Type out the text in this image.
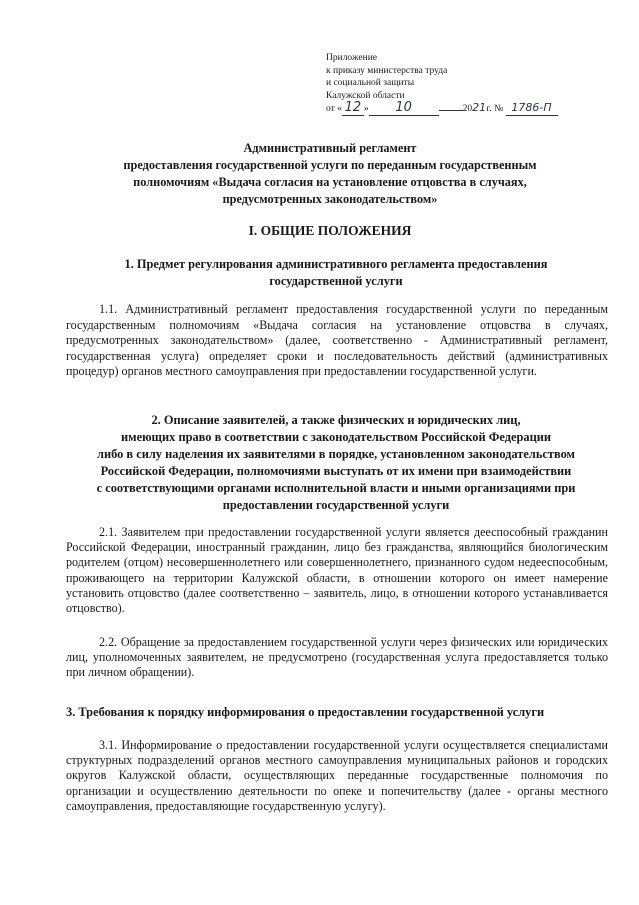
Приложение
к приказу министерства труда
и социальной защиты
Калужской области
от « 12 » 10	2021 г. № 1786-П
Административный регламент
предоставления государственной услуги по переданным государственным
полномочиям «Выдача согласия на установление отцовства в случаях,
предусмотренных законодательством»
I. ОБЩИЕ ПОЛОЖЕНИЯ
1. Предмет регулирования административного регламента предоставления
государственной услуги
1.1. Административный регламент предоставления государственной услуги по переданным государственным полномочиям «Выдача согласия на установление отцовства в случаях, предусмотренных законодательством» (далее, соответственно - Административный регламент, государственная услуга) определяет сроки и последовательность действий (административных процедур) органов местного самоуправления при предоставлении государственной услуги.
2. Описание заявителей, а также физических и юридических лиц,
имеющих право в соответствии с законодательством Российской Федерации
либо в силу наделения их заявителями в порядке, установленном законодательством
Российской Федерации, полномочиями выступать от их имени при взаимодействии
с соответствующими органами исполнительной власти и иными организациями при
предоставлении государственной услуги
2.1. Заявителем при предоставлении государственной услуги является дееспособный гражданин Российской Федерации, иностранный гражданин, лицо без гражданства, являющийся биологическим родителем (отцом) несовершеннолетнего или совершеннолетнего, признанного судом недееспособным, проживающего на территории Калужской области, в отношении которого он имеет намерение установить отцовство (далее соответственно – заявитель, лицо, в отношении которого устанавливается отцовство).
2.2. Обращение за предоставлением государственной услуги через физических или юридических лиц, уполномоченных заявителем, не предусмотрено (государственная услуга предоставляется только при личном обращении).
3. Требования к порядку информирования о предоставлении государственной услуги
3.1. Информирование о предоставлении государственной услуги осуществляется специалистами структурных подразделений органов местного самоуправления муниципальных районов и городских округов Калужской области, осуществляющих переданные государственные полномочия по организации и осуществлению деятельности по опеке и попечительству (далее - органы местного самоуправления, предоставляющие государственную услугу).
